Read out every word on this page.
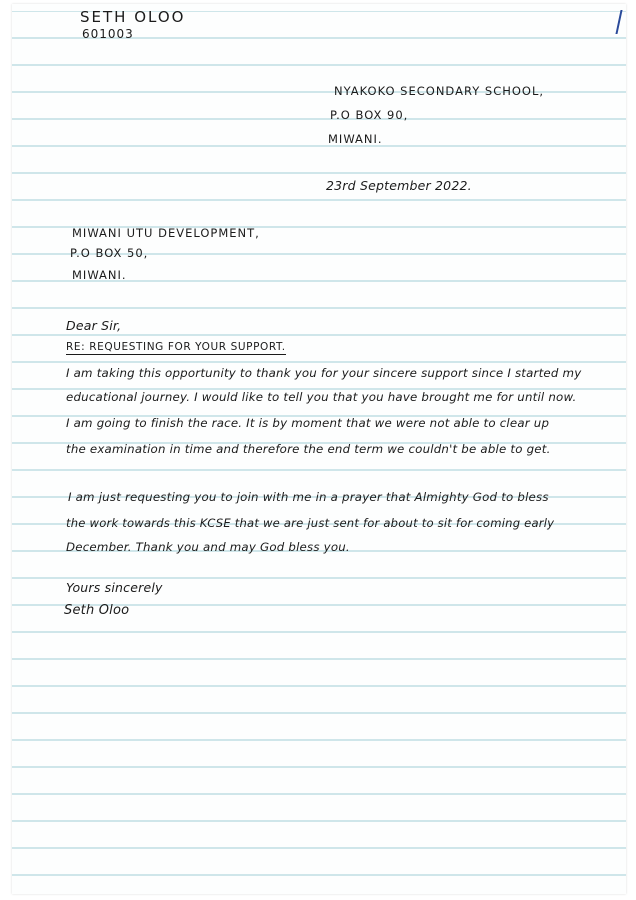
SETH OLOO
601003
NYAKOKO SECONDARY SCHOOL,
P.O BOX 90,
MIWANI.
23rd September 2022.
MIWANI UTU DEVELOPMENT,
P.O BOX 50,
MIWANI.
Dear Sir,
RE: REQUESTING FOR YOUR SUPPORT.
I am taking this opportunity to thank you for your sincere support since I started my
educational journey. I would like to tell you that you have brought me for until now.
I am going to finish the race. It is by moment that we were not able to clear up
the examination in time and therefore the end term we couldn't be able to get.
I am just requesting you to join with me in a prayer that Almighty God to bless
the work towards this KCSE that we are just sent for about to sit for coming early
December. Thank you and may God bless you.
Yours sincerely
Seth Oloo
